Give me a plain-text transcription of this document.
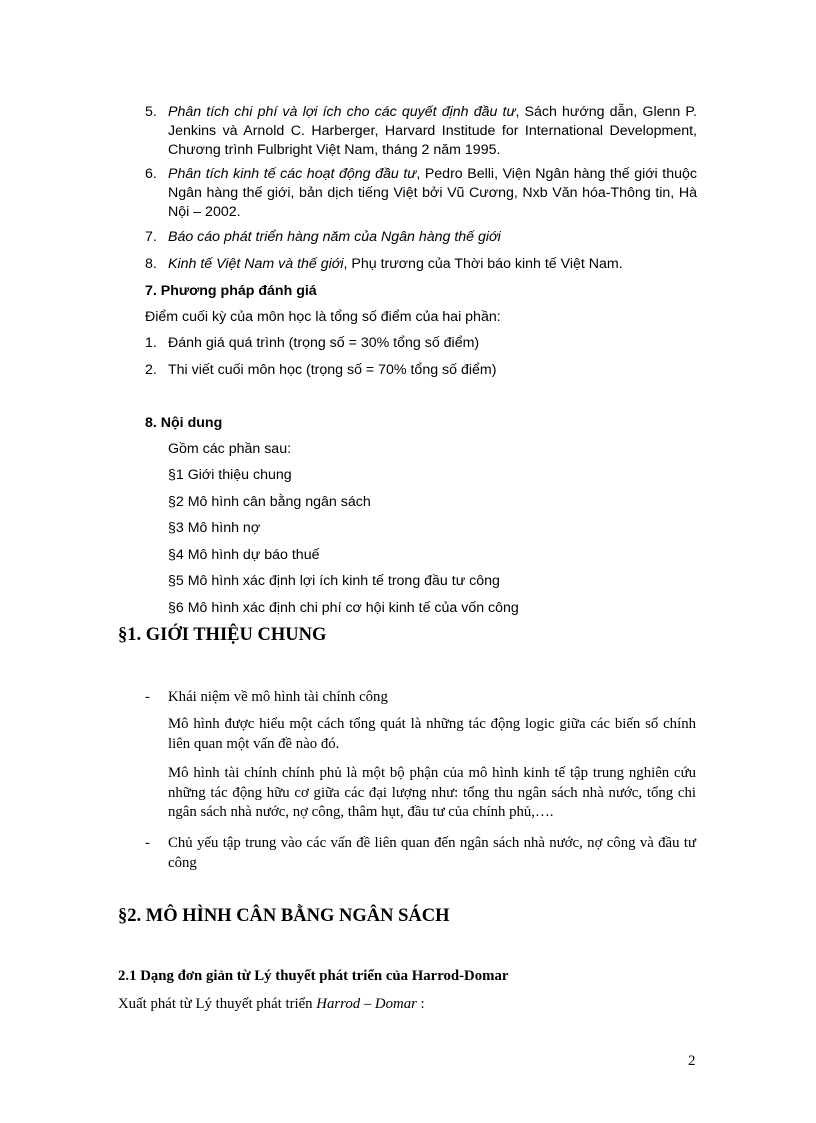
5. Phân tích chi phí và lợi ích cho các quyết định đầu tư, Sách hướng dẫn, Glenn P. Jenkins và Arnold C. Harberger, Harvard Institude for International Development, Chương trình Fulbright Việt Nam, tháng 2 năm 1995.
6. Phân tích kinh tế các hoạt động đầu tư, Pedro Belli, Viện Ngân hàng thế giới thuộc Ngân hàng thế giới, bản dịch tiếng Việt bởi Vũ Cương, Nxb Văn hóa-Thông tin, Hà Nội – 2002.
7. Báo cáo phát triển hàng năm của Ngân hàng thế giới
8. Kinh tế Việt Nam và thế giới, Phụ trương của Thời báo kinh tế Việt Nam.
7. Phương pháp đánh giá
Điểm cuối kỳ của môn học là tổng số điểm của hai phần:
1. Đánh giá quá trình (trọng số = 30% tổng số điểm)
2. Thi viết cuối môn học (trọng số = 70% tổng số điểm)
8. Nội dung
Gồm các phần sau:
§1 Giới thiệu chung
§2 Mô hình cân bằng ngân sách
§3 Mô hình nợ
§4 Mô hình dự báo thuế
§5 Mô hình xác định lợi ích kinh tế trong đầu tư công
§6 Mô hình xác định chi phí cơ hội kinh tế của vốn công
§1. GIỚI THIỆU CHUNG
- Khái niệm về mô hình tài chính công
Mô hình được hiểu một cách tổng quát là những tác động logic giữa các biến số chính liên quan một vấn đề nào đó.
Mô hình tài chính chính phủ là một bộ phận của mô hình kinh tế tập trung nghiên cứu những tác động hữu cơ giữa các đại lượng như: tổng thu ngân sách nhà nước, tổng chi ngân sách nhà nước, nợ công, thâm hụt, đầu tư của chính phủ,….
- Chủ yếu tập trung vào các vấn đề liên quan đến ngân sách nhà nước, nợ công và đầu tư công
§2. MÔ HÌNH CÂN BẰNG NGÂN SÁCH
2.1 Dạng đơn giản từ Lý thuyết phát triển của Harrod-Domar
Xuất phát từ Lý thuyết phát triển Harrod – Domar :
2
